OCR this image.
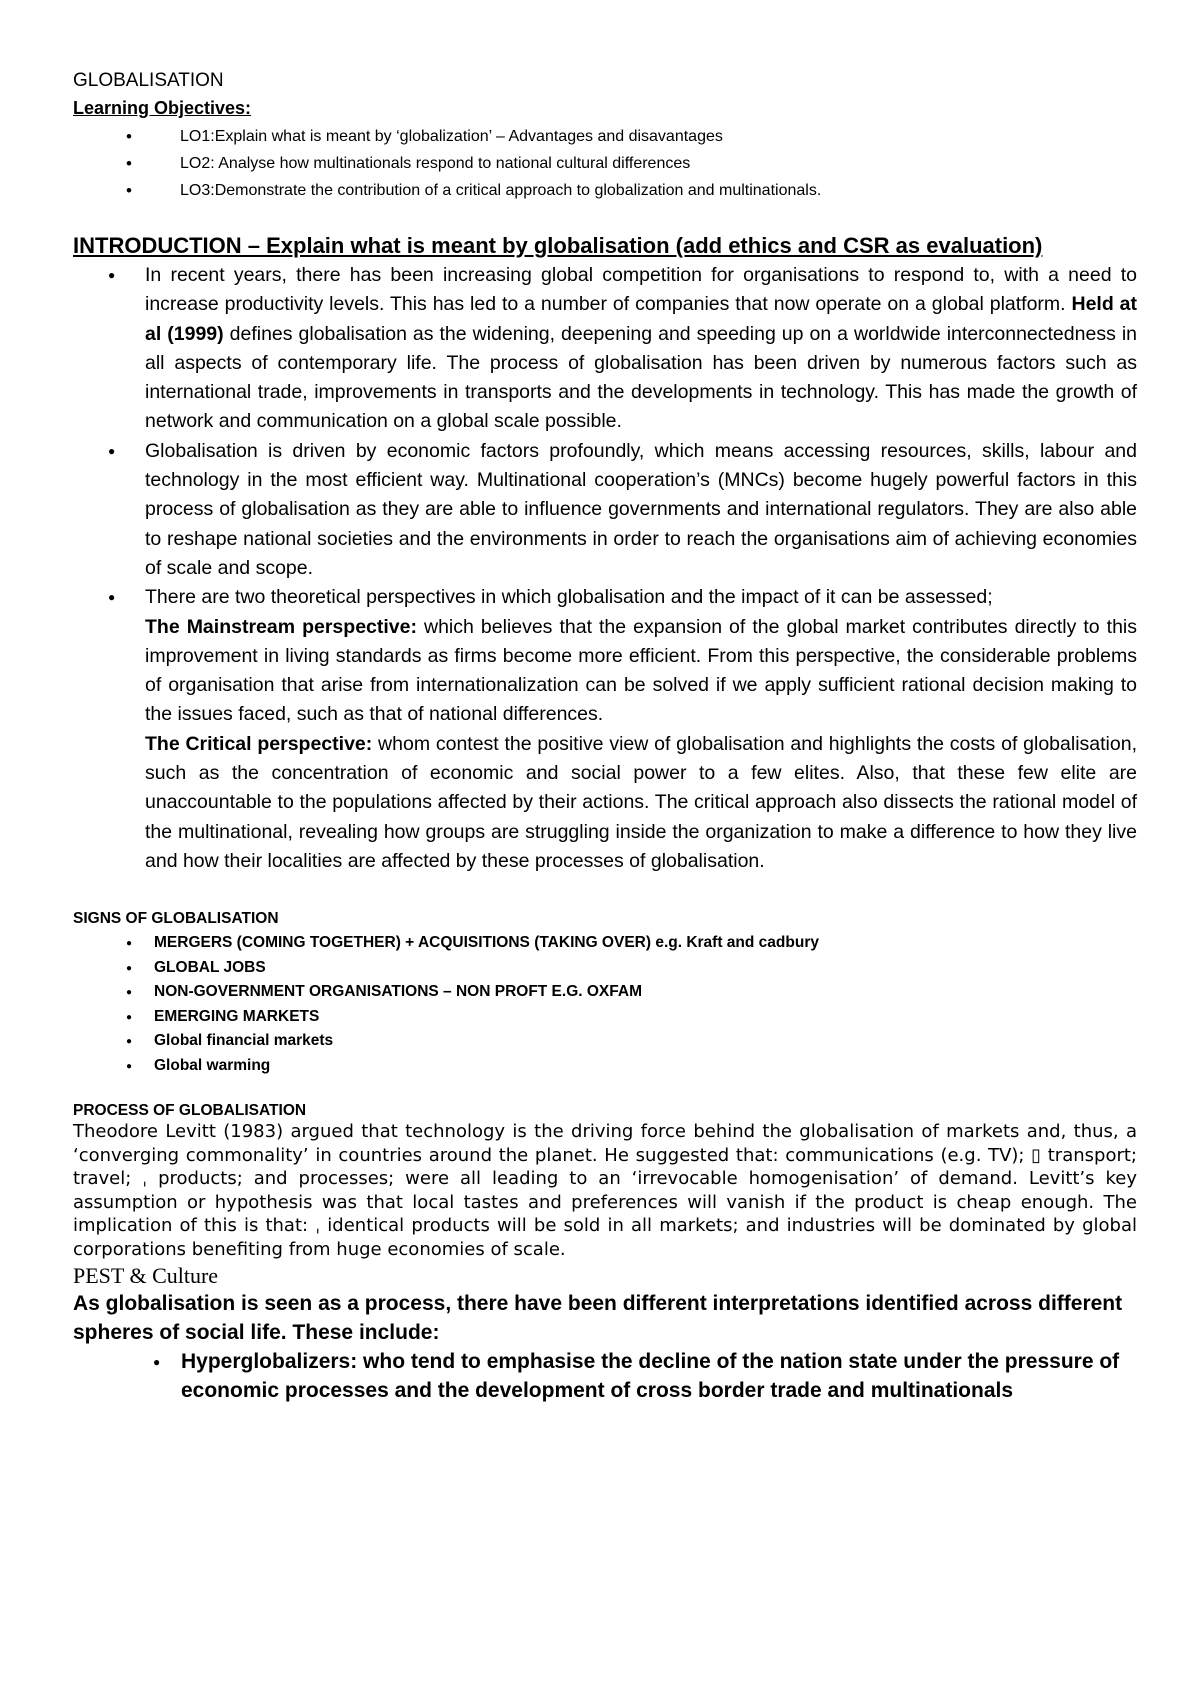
GLOBALISATION
Learning Objectives:
• LO1:Explain what is meant by ‘globalization’ – Advantages and disavantages
• LO2: Analyse how multinationals respond to national cultural differences
• LO3:Demonstrate the contribution of a critical approach to globalization and multinationals.
INTRODUCTION – Explain what is meant by globalisation (add ethics and CSR as evaluation)
● In recent years, there has been increasing global competition for organisations to respond to, with a need to increase productivity levels. This has led to a number of companies that now operate on a global platform. Held at al (1999) defines globalisation as the widening, deepening and speeding up on a worldwide interconnectedness in all aspects of contemporary life. The process of globalisation has been driven by numerous factors such as international trade, improvements in transports and the developments in technology. This has made the growth of network and communication on a global scale possible.
● Globalisation is driven by economic factors profoundly, which means accessing resources, skills, labour and technology in the most efficient way. Multinational cooperation’s (MNCs) become hugely powerful factors in this process of globalisation as they are able to influence governments and international regulators. They are also able to reshape national societies and the environments in order to reach the organisations aim of achieving economies of scale and scope.

● There are two theoretical perspectives in which globalisation and the impact of it can be assessed;

The Mainstream perspective: which believes that the expansion of the global market contributes directly to this improvement in living standards as firms become more efficient. From this perspective, the considerable problems of organisation that arise from internationalization can be solved if we apply sufficient rational decision making to the issues faced, such as that of national differences.

The Critical perspective: whom contest the positive view of globalisation and highlights the costs of globalisation, such as the concentration of economic and social power to a few elites. Also, that these few elite are unaccountable to the populations affected by their actions. The critical approach also dissects the rational model of the multinational, revealing how groups are struggling inside the organization to make a difference to how they live and how their localities are affected by these processes of globalisation.

SIGNS OF GLOBALISATION
● MERGERS (COMING TOGETHER) + ACQUISITIONS (TAKING OVER) e.g. Kraft and cadbury
● GLOBAL JOBS
● NON-GOVERNMENT ORGANISATIONS – NON PROFT E.G. OXFAM
● EMERGING MARKETS
● Global financial markets
● Global warming
PROCESS OF GLOBALISATION

Theodore Levitt (1983) argued that technology is the driving force behind the globalisation of markets and, thus, a ‘converging commonality’ in countries around the planet. He suggested that: communications (e.g. TV); ▯ transport; travel; ˌ products; and processes; were all leading to an ‘irrevocable homogenisation’ of demand. Levitt’s key assumption or hypothesis was that local tastes and preferences will vanish if the product is cheap enough. The implication of this is that: ˌ identical products will be sold in all markets; and industries will be dominated by global corporations benefiting from huge economies of scale.

PEST & Culture

As globalisation is seen as a process, there have been different interpretations identified across different spheres of social life. These include:

● Hyperglobalizers: who tend to emphasise the decline of the nation state under the pressure of economic processes and the development of cross border trade and multinationals
